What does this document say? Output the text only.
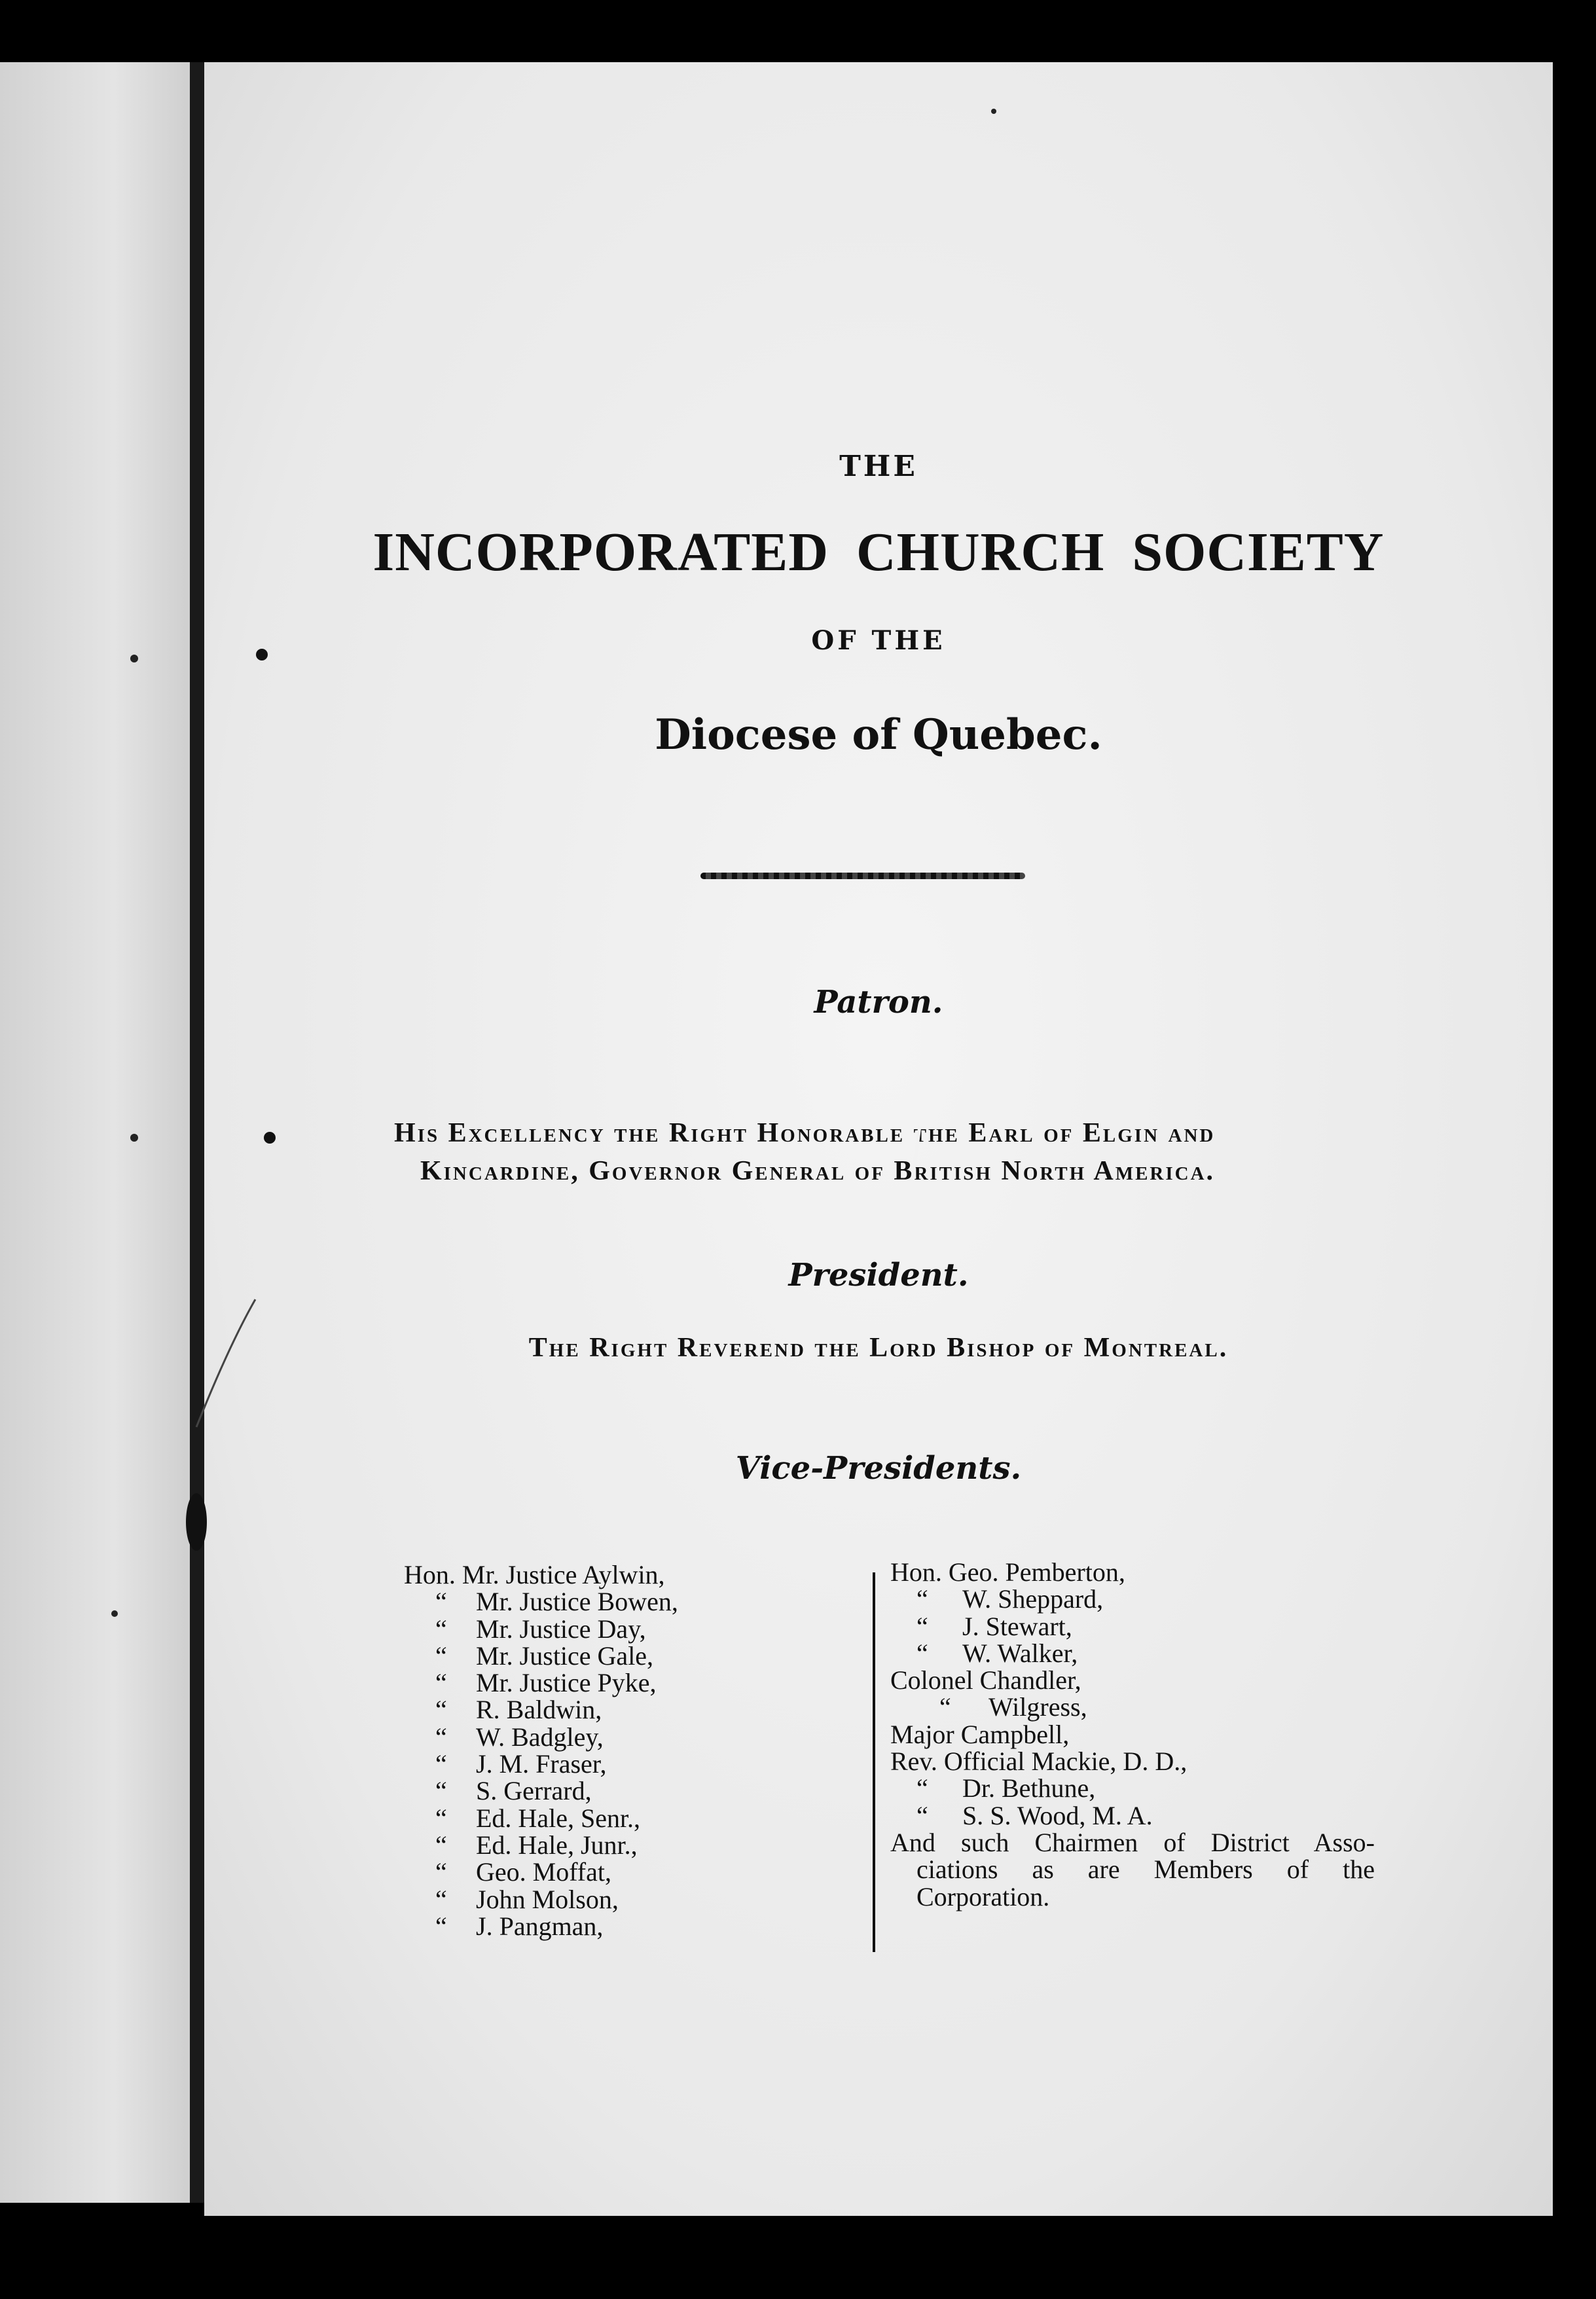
THE
INCORPORATED CHURCH SOCIETY
OF THE
Diocese of Quebec.
Patron.
His Excellency the Right Honorable the Earl of Elgin and
Kincardine, Governor General of British North America.
President.
The Right Reverend the Lord Bishop of Montreal.
Vice-Presidents.
Hon. Mr. Justice Aylwin,
“ Mr. Justice Bowen,
“ Mr. Justice Day,
“ Mr. Justice Gale,
“ Mr. Justice Pyke,
“ R. Baldwin,
“ W. Badgley,
“ J. M. Fraser,
“ S. Gerrard,
“ Ed. Hale, Senr.,
“ Ed. Hale, Junr.,
“ Geo. Moffat,
“ John Molson,
“ J. Pangman,
Hon. Geo. Pemberton,
“ W. Sheppard,
“ J. Stewart,
“ W. Walker,
Colonel Chandler,
“ Wilgress,
Major Campbell,
Rev. Official Mackie, D. D.,
“ Dr. Bethune,
“ S. S. Wood, M. A.
And such Chairmen of District Asso-
ciations as are Members of the
Corporation.
